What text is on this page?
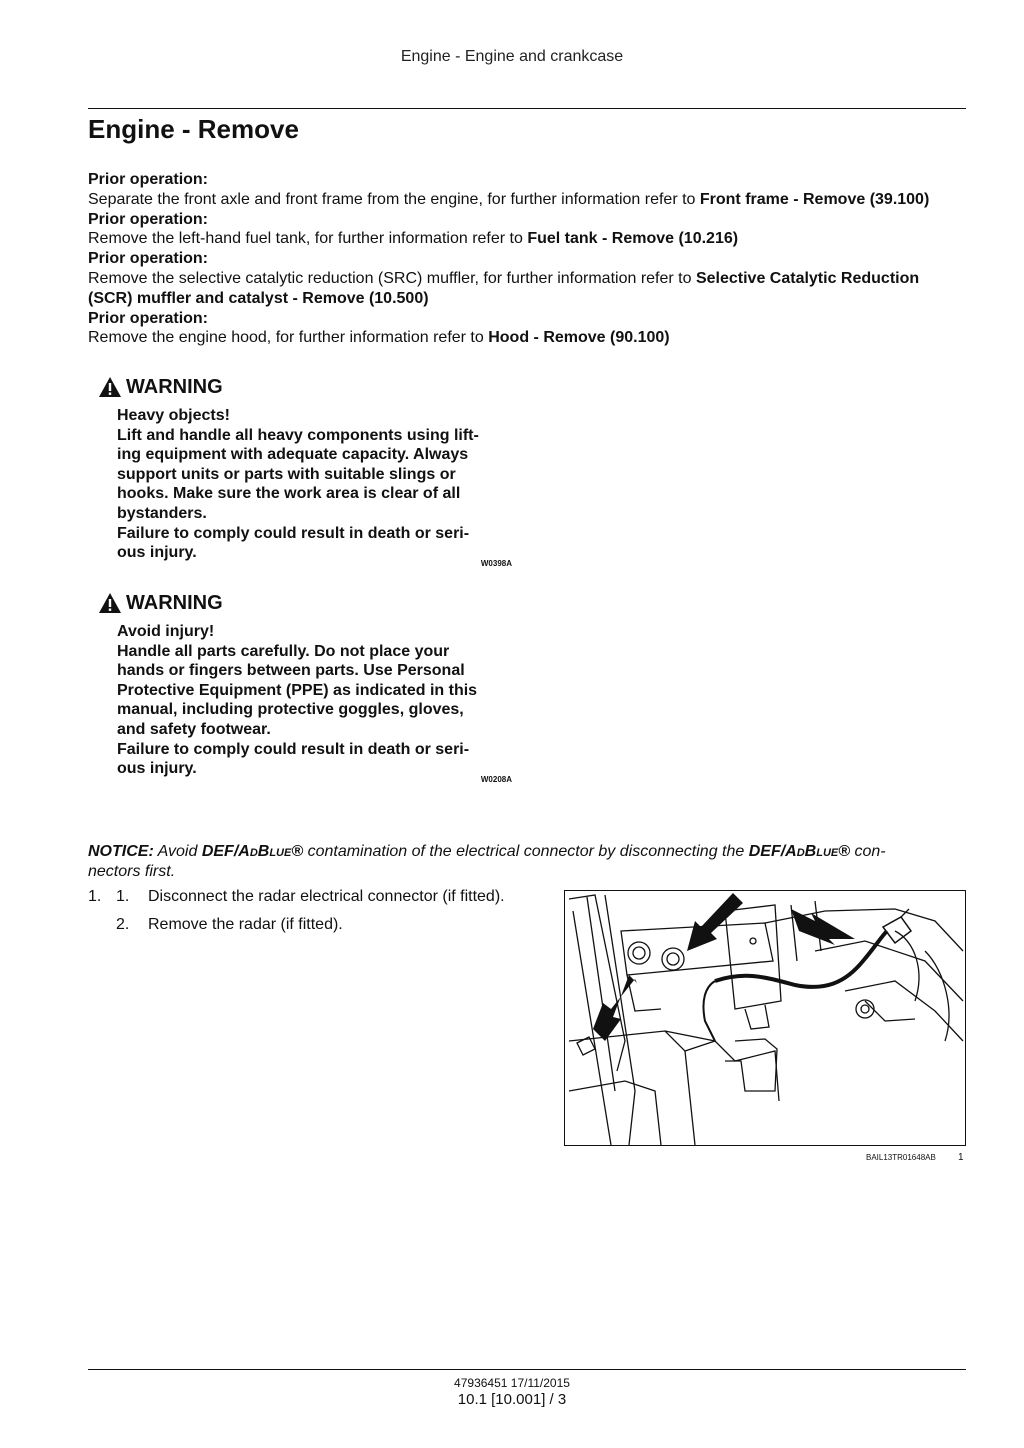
Engine - Engine and crankcase
Engine - Remove
Prior operation:
Separate the front axle and front frame from the engine, for further information refer to Front frame - Remove (39.100)
Prior operation:
Remove the left-hand fuel tank, for further information refer to Fuel tank - Remove (10.216)
Prior operation:
Remove the selective catalytic reduction (SRC) muffler, for further information refer to Selective Catalytic Reduction
(SCR) muffler and catalyst - Remove (10.500)
Prior operation:
Remove the engine hood, for further information refer to Hood - Remove (90.100)
WARNING
Heavy objects!
Lift and handle all heavy components using lift-
ing equipment with adequate capacity. Always
support units or parts with suitable slings or
hooks. Make sure the work area is clear of all
bystanders.
Failure to comply could result in death or seri-
ous injury.
W0398A
WARNING
Avoid injury!
Handle all parts carefully. Do not place your
hands or fingers between parts. Use Personal
Protective Equipment (PPE) as indicated in this
manual, including protective goggles, gloves,
and safety footwear.
Failure to comply could result in death or seri-
ous injury.
W0208A
NOTICE: Avoid DEF/AdBlue® contamination of the electrical connector by disconnecting the DEF/AdBlue® con-
nectors first.
1. 1.	Disconnect the radar electrical connector (if fitted).
2.	Remove the radar (if fitted).
BAIL13TR01648AB 1
47936451 17/11/2015
10.1 [10.001] / 3
